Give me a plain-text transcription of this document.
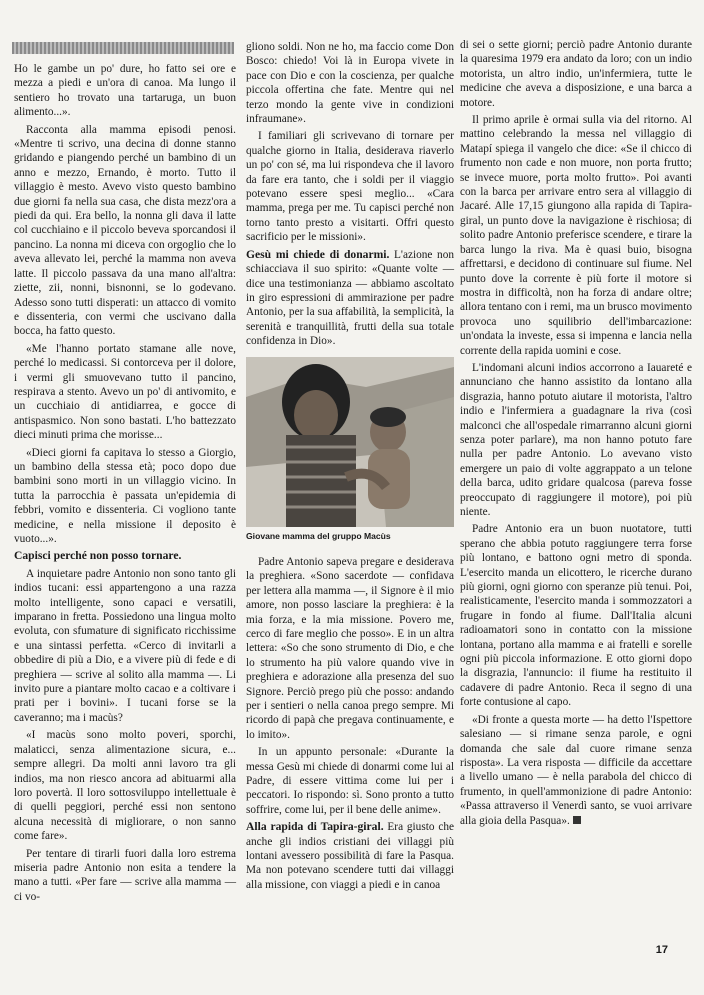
Ho le gambe un po' dure, ho fatto sei ore e mezza a piedi e un'ora di canoa. Ma lungo il sentiero ho trovato una tartaruga, un buon alimento...».

Racconta alla mamma episodi penosi. «Mentre ti scrivo, una decina di donne stanno gridando e piangendo perché un bambino di un anno e mezzo, Ernando, è morto. Tutto il villaggio è mesto. Avevo visto questo bambino due giorni fa nella sua casa, che dista mezz'ora a piedi da qui. Era bello, la nonna gli dava il latte col cucchiaino e il piccolo beveva sporcandosi il pancino. La nonna mi diceva con orgoglio che lo aveva allevato lei, perché la mamma non aveva latte. Il piccolo passava da una mano all'altra: ziette, zii, nonni, bisnonni, se lo godevano. Adesso sono tutti disperati: un attacco di vomito e dissenteria, con vermi che uscivano dalla bocca, ha fatto questo.

«Me l'hanno portato stamane alle nove, perché lo medicassi. Si contorceva per il dolore, i vermi gli smuovevano tutto il pancino, respirava a stento. Avevo un po' di antivomito, e un cucchiaio di antidiarrea, e gocce di antispasmico. Non sono bastati. L'ho battezzato dieci minuti prima che morisse...

«Dieci giorni fa capitava lo stesso a Giorgio, un bambino della stessa età; poco dopo due bambini sono morti in un villaggio vicino. In tutta la parrocchia è passata un'epidemia di febbri, vomito e dissenteria. Ci vogliono tante medicine, e nella missione il deposito è vuoto...».

Capisci perché non posso tornare.

A inquietare padre Antonio non sono tanto gli indios tucani: essi appartengono a una razza molto intelligente, sono capaci e versatili, imparano in fretta. Possiedono una lingua molto evoluta, con sfumature di significato ricchissime e una sintassi perfetta. «Cerco di invitarli a obbedire di più a Dio, e a vivere più di fede e di preghiera — scrive al solito alla mamma —. Li invito pure a piantare molto cacao e a coltivare i prati per i bovini». I tucani forse se la caveranno; ma i macùs?

«I macùs sono molto poveri, sporchi, malaticci, senza alimentazione sicura, e... sempre allegri. Da molti anni lavoro tra gli indios, ma non riesco ancora ad abituarmi alla loro povertà. Il loro sottosviluppo intellettuale è di quelli peggiori, perché essi non sentono alcuna necessità di migliorare, o non sanno come fare».

Per tentare di tirarli fuori dalla loro estrema miseria padre Antonio non esita a tendere la mano a tutti. «Per fare — scrive alla mamma — ci vo-

gliono soldi. Non ne ho, ma faccio come Don Bosco: chiedo! Voi là in Europa vivete in pace con Dio e con la coscienza, per qualche piccola offertina che fate. Mentre qui nel terzo mondo la gente vive in condizioni infraumane».

I familiari gli scrivevano di tornare per qualche giorno in Italia, desiderava riaverlo un po' con sé, ma lui rispondeva che il lavoro da fare era tanto, che i soldi per il viaggio potevano essere spesi meglio... «Cara mamma, prega per me. Tu capisci perché non torno tanto presto a visitarti. Offri questo sacrificio per le missioni».

Gesù mi chiede di donarmi. L'azione non schiacciava il suo spirito: «Quante volte — dice una testimonianza — abbiamo ascoltato in giro espressioni di ammirazione per padre Antonio, per la sua affabilità, la semplicità, la serenità e tranquillità, frutti della sua totale confidenza in Dio».

Giovane mamma del gruppo Macùs

Padre Antonio sapeva pregare e desiderava la preghiera. «Sono sacerdote — confidava per lettera alla mamma —, il Signore è il mio amore, non posso lasciare la preghiera: è la mia forza, e la mia missione. Povero me, cerco di fare meglio che posso». E in un altra lettera: «So che sono strumento di Dio, e che lo strumento ha più valore quando vive in preghiera e adorazione alla presenza del suo Signore. Perciò prego più che posso: andando per i sentieri o nella canoa prego sempre. Mi ricordo di papà che pregava continuamente, e lo imito».

In un appunto personale: «Durante la messa Gesù mi chiede di donarmi come lui al Padre, di essere vittima come lui per i peccatori. Io rispondo: sì. Sono pronto a tutto soffrire, come lui, per il bene delle anime».

Alla rapida di Tapira-giral. Era giusto che anche gli indios cristiani dei villaggi più lontani avessero possibilità di fare la Pasqua. Ma non potevano scendere tutti dai villaggi alla missione, con viaggi a piedi e in canoa

di sei o sette giorni; perciò padre Antonio durante la quaresima 1979 era andato da loro; con un indio motorista, un altro indio, un'infermiera, tutte le medicine che aveva a disposizione, e una barca a motore.

Il primo aprile è ormai sulla via del ritorno. Al mattino celebrando la messa nel villaggio di Matapí spiega il vangelo che dice: «Se il chicco di frumento non cade e non muore, non porta frutto; se invece muore, porta molto frutto». Poi avanti con la barca per arrivare entro sera al villaggio di Jacaré. Alle 17,15 giungono alla rapida di Tapira-giral, un punto dove la navigazione è rischiosa; di solito padre Antonio preferisce scendere, e tirare la barca lungo la riva. Ma è quasi buio, bisogna affrettarsi, e decidono di continuare sul fiume. Nel punto dove la corrente è più forte il motore si mostra in difficoltà, non ha forza di andare oltre; allora tentano con i remi, ma un brusco movimento provoca uno squilibrio dell'imbarcazione: un'ondata la investe, essa si impenna e lancia nella corrente della rapida uomini e cose.

L'indomani alcuni indios accorrono a Iauareté e annunciano che hanno assistito da lontano alla disgrazia, hanno potuto aiutare il motorista, l'altro indio e l'infermiera a guadagnare la riva (così malconci che all'ospedale rimarranno alcuni giorni senza poter parlare), ma non hanno potuto fare nulla per padre Antonio. Lo avevano visto emergere un paio di volte aggrappato a un telone della barca, udito gridare qualcosa (pareva fosse preoccupato di raggiungere il motore), poi più niente.

Padre Antonio era un buon nuotatore, tutti sperano che abbia potuto raggiungere terra forse più lontano, e battono ogni metro di sponda. L'esercito manda un elicottero, le ricerche durano più giorni, ogni giorno con speranze più tenui. Poi, realisticamente, l'esercito manda i sommozzatori a frugare in fondo al fiume. Dall'Italia alcuni radioamatori sono in contatto con la missione lontana, portano alla mamma e ai fratelli e sorelle ogni più piccola informazione. E otto giorni dopo la disgrazia, l'annuncio: il fiume ha restituito il cadavere di padre Antonio. Reca il segno di una forte contusione al capo.

«Di fronte a questa morte — ha detto l'Ispettore salesiano — si rimane senza parole, e ogni domanda che sale dal cuore rimane senza risposta». La vera risposta — difficile da accettare a livello umano — è nella parabola del chicco di frumento, in quell'ammonizione di padre Antonio: «Passa attraverso il Venerdì santo, se vuoi arrivare alla gioia della Pasqua».

17
